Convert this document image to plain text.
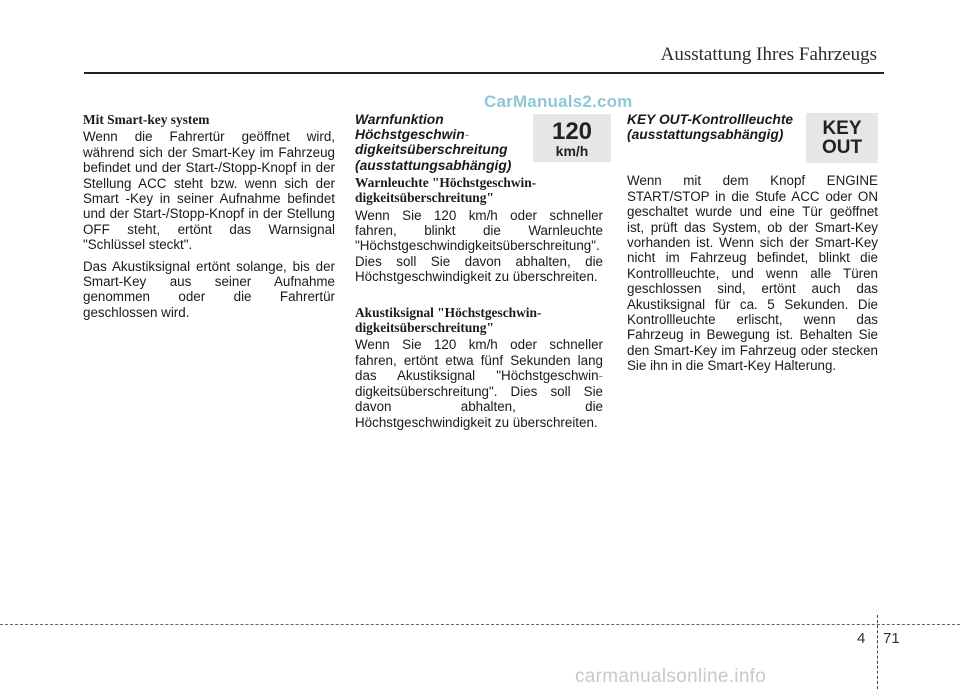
Ausstattung Ihres Fahrzeugs
CarManuals2.com
Mit Smart-key system

Wenn die Fahrertür geöffnet wird, während sich der Smart-Key im Fahrzeug befindet und der Start-/Stopp-Knopf in der Stellung ACC steht bzw. wenn sich der Smart -Key in seiner Aufnahme befindet und der Start-/Stopp-Knopf in der Stellung OFF steht, ertönt das Warnsignal "Schlüssel steckt".

Das Akustiksignal ertönt solange, bis der Smart-Key aus seiner Aufnahme genommen oder die Fahrertür geschlossen wird.

Warnfunktion
Höchstgeschwin-
digkeitsüberschreitung
(ausstattungsabhängig)
Warnleuchte "Höchstgeschwin-
digkeitsüberschreitung"

Wenn Sie 120 km/h oder schneller fahren, blinkt die Warnleuchte "Höchstgeschwindigkeitsüberschreitung". Dies soll Sie davon abhalten, die Höchstgeschwindigkeit zu überschreiten.

Akustiksignal "Höchstgeschwin-
digkeitsüberschreitung"

Wenn Sie 120 km/h oder schneller fahren, ertönt etwa fünf Sekunden lang das Akustiksignal "Höchstgeschwin- digkeitsüberschreitung". Dies soll Sie davon abhalten, die Höchstgeschwindigkeit zu überschreiten.

120
km/h
KEY OUT-Kontrollleuchte
(ausstattungsabhängig)

Wenn mit dem Knopf ENGINE START/STOP in die Stufe ACC oder ON geschaltet wurde und eine Tür geöffnet ist, prüft das System, ob der Smart-Key vorhanden ist. Wenn sich der Smart-Key nicht im Fahrzeug befindet, blinkt die Kontrollleuchte, und wenn alle Türen geschlossen sind, ertönt auch das Akustiksignal für ca. 5 Sekunden. Die Kontrollleuchte erlischt, wenn das Fahrzeug in Bewegung ist. Behalten Sie den Smart-Key im Fahrzeug oder stecken Sie ihn in die Smart-Key Halterung.

KEY
OUT
4 71
carmanualsonline.info
